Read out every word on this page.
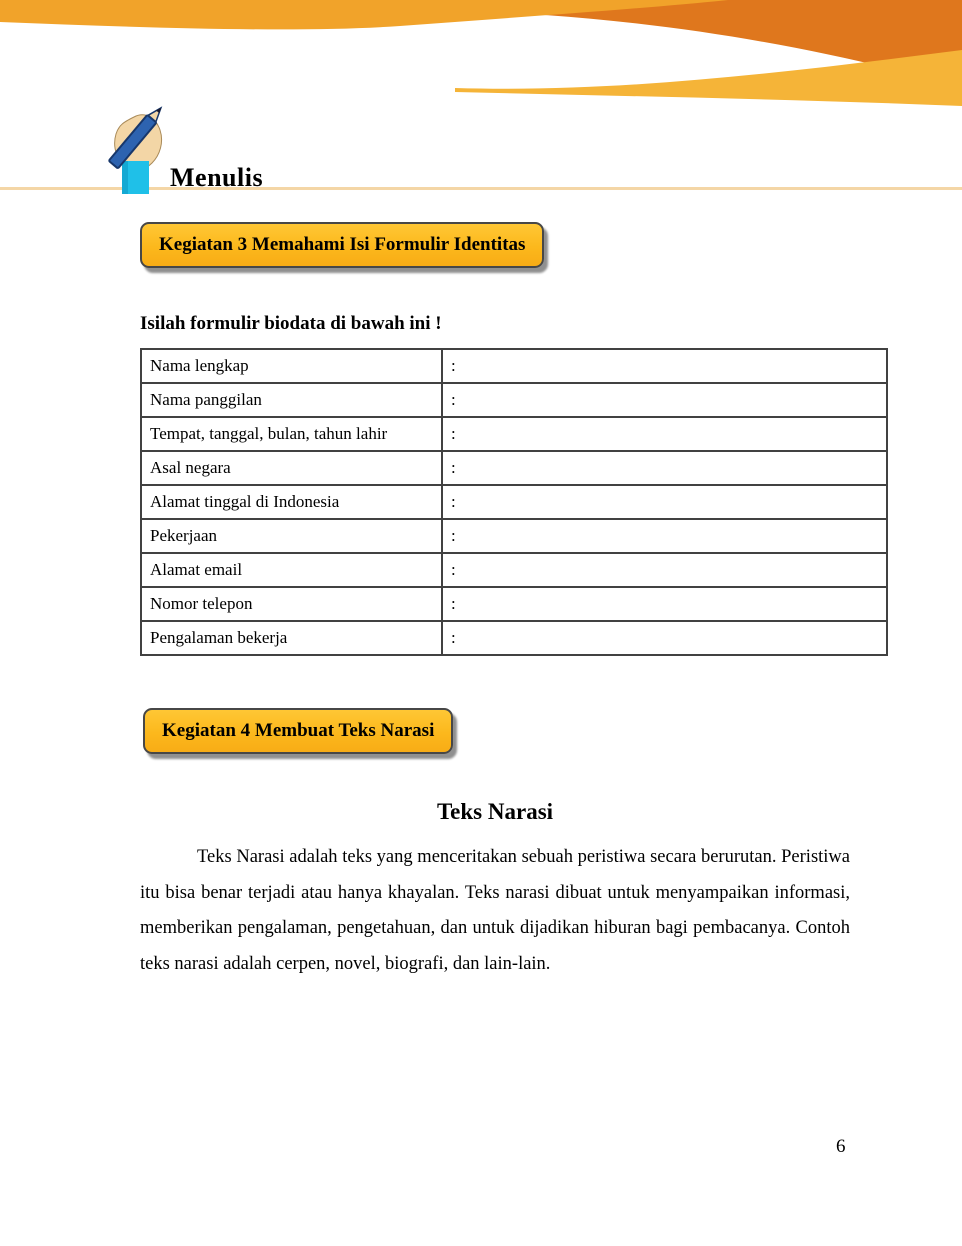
Menulis
Kegiatan 3 Memahami Isi Formulir Identitas
Isilah formulir biodata di bawah ini !
Nama lengkap	:
Nama panggilan	:
Tempat, tanggal, bulan, tahun lahir	:
Asal negara	:
Alamat tinggal di Indonesia	:
Pekerjaan	:
Alamat email	:
Nomor telepon	:
Pengalaman bekerja	:
Kegiatan 4 Membuat Teks Narasi
Teks Narasi

Teks Narasi adalah teks yang menceritakan sebuah peristiwa secara berurutan. Peristiwa itu bisa benar terjadi atau hanya khayalan. Teks narasi dibuat untuk menyampaikan informasi, memberikan pengalaman, pengetahuan, dan untuk dijadikan hiburan bagi pembacanya. Contoh teks narasi adalah cerpen, novel, biografi, dan lain-lain.

6
